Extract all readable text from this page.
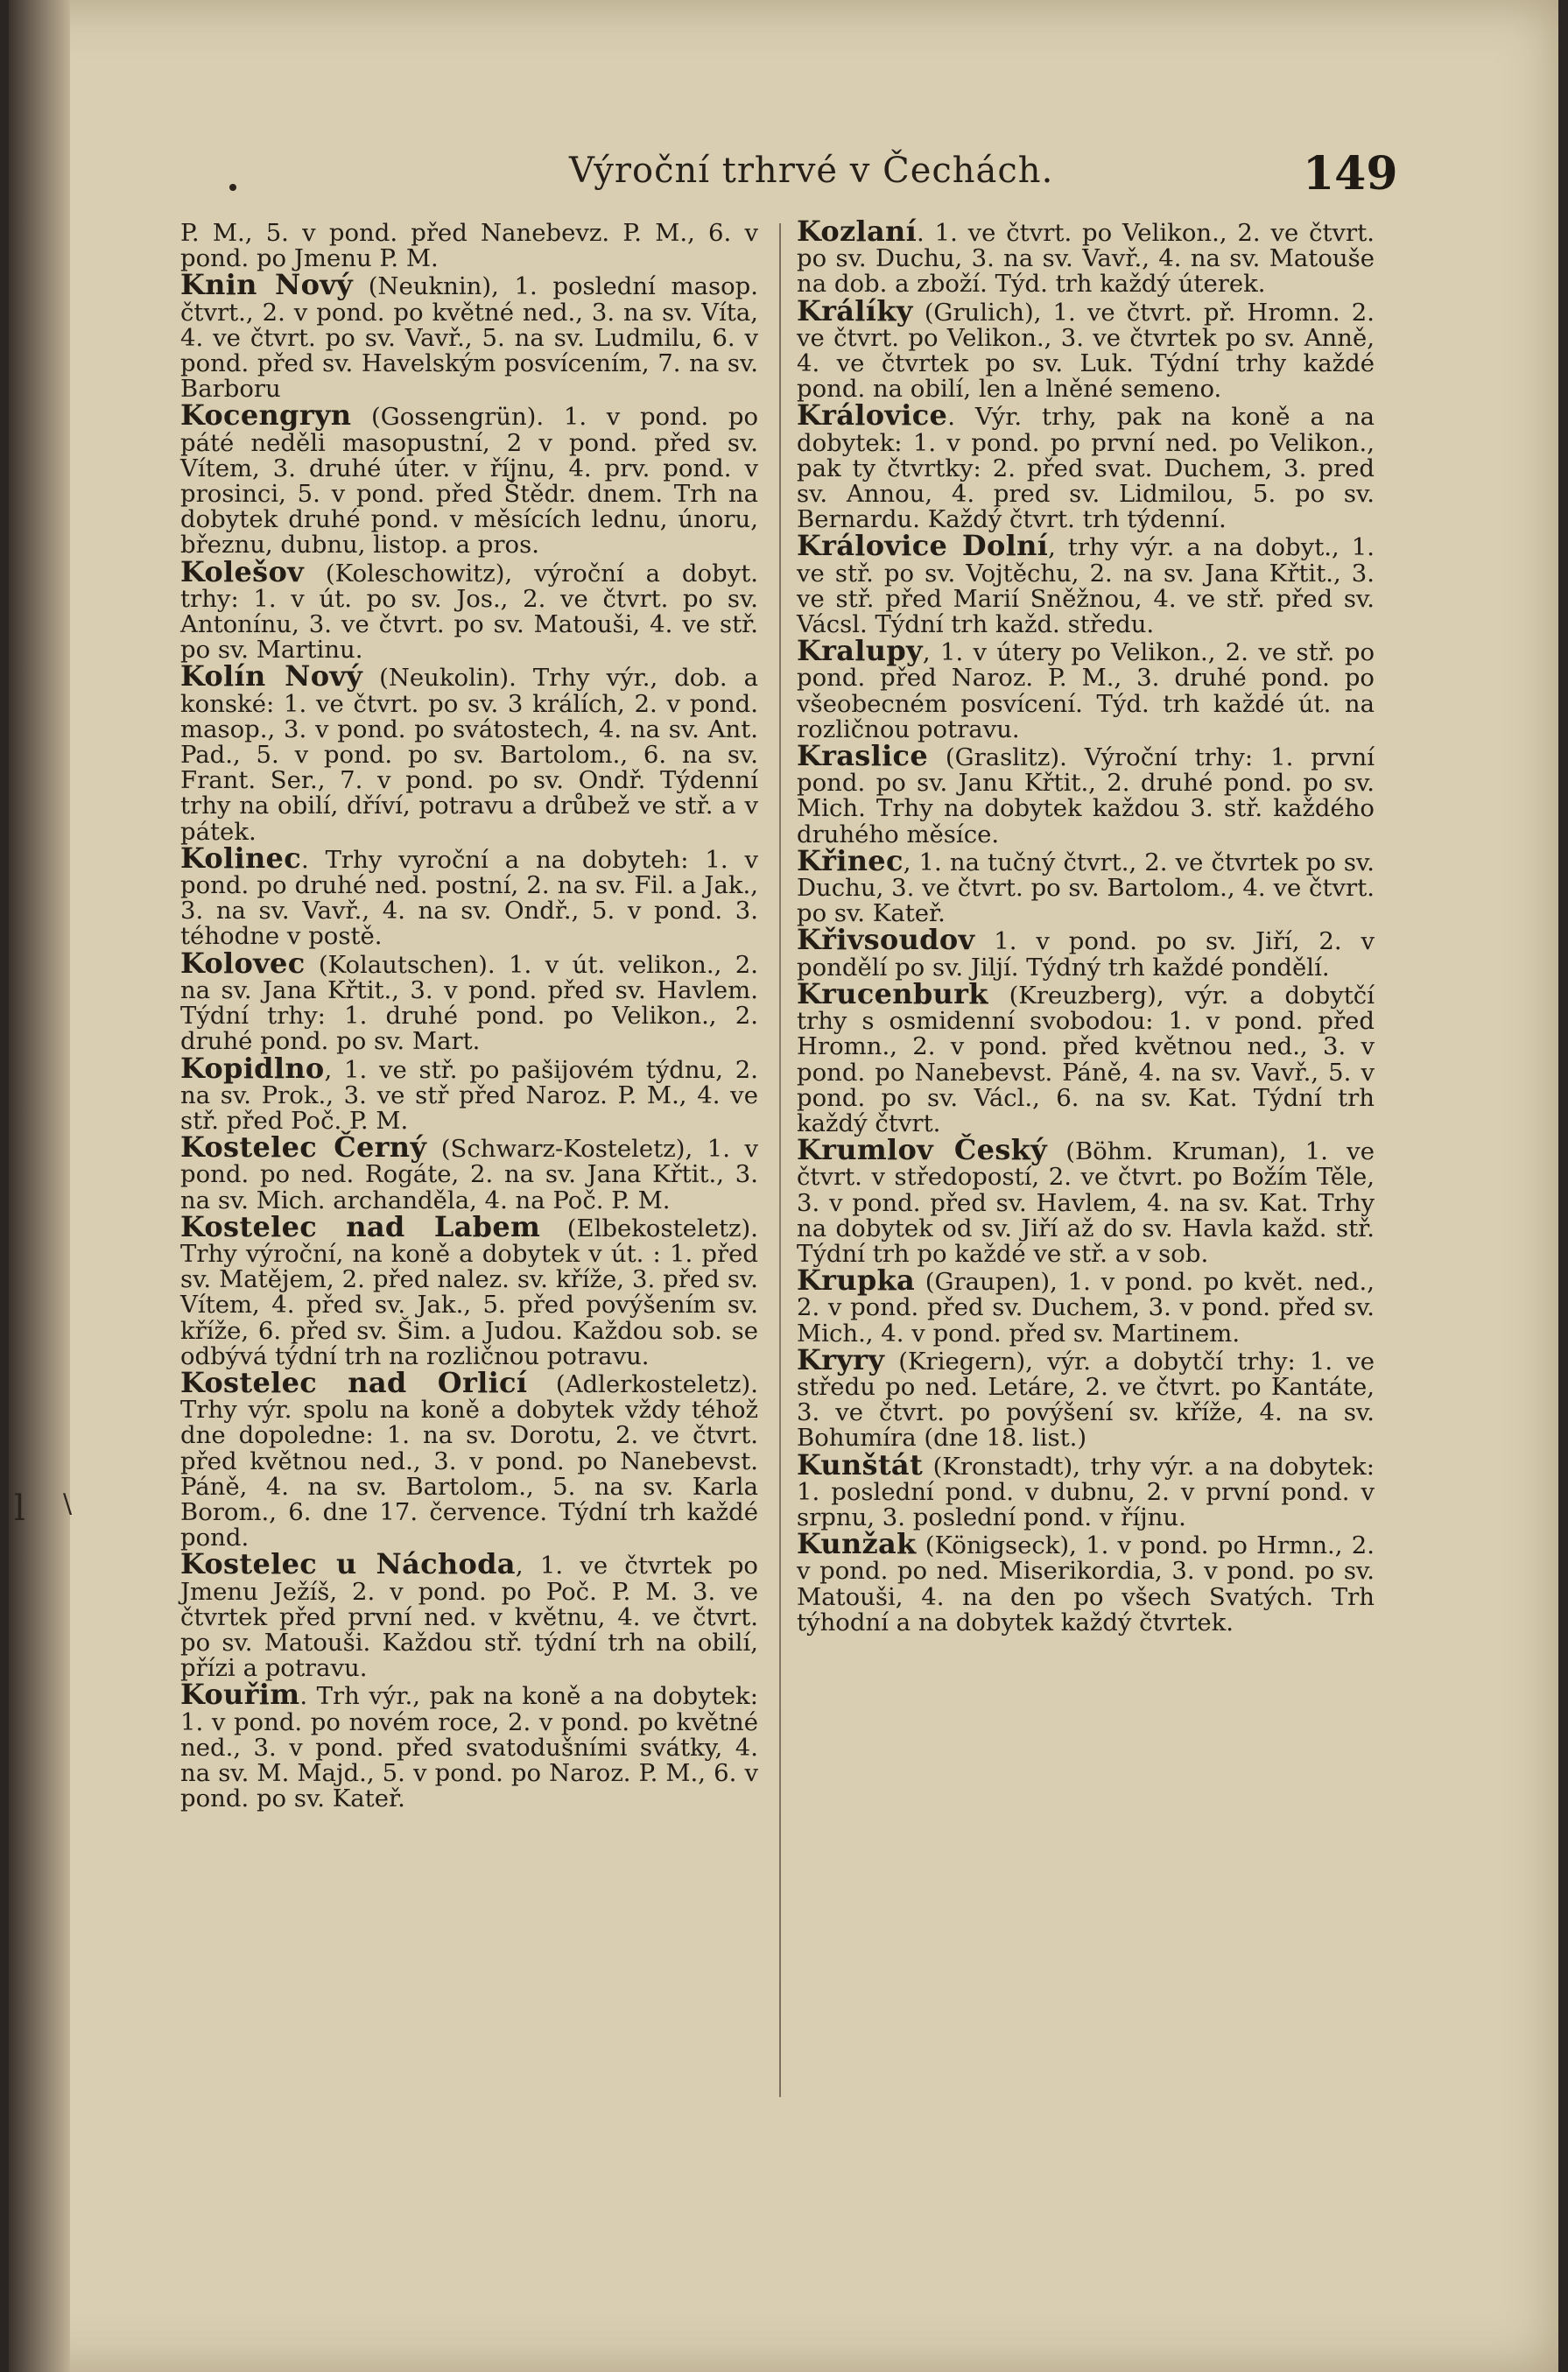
Výroční trhrvé v Čechách.	149
l \
P. M., 5. v pond. před Nanebevz. P. M., 6. v pond. po Jmenu P. M.
Knin Nový (Neuknin), 1. poslední masop. čtvrt., 2. v pond. po květné ned., 3. na sv. Víta, 4. ve čtvrt. po sv. Vavř., 5. na sv. Ludmilu, 6. v pond. před sv. Havelským posvícením, 7. na sv. Barboru
Kocengryn (Gossengrün). 1. v pond. po páté neděli masopustní, 2 v pond. před sv. Vítem, 3. druhé úter. v říjnu, 4. prv. pond. v prosinci, 5. v pond. před Štědr. dnem. Trh na dobytek druhé pond. v měsících lednu, únoru, březnu, dubnu, listop. a pros.
Kolešov (Koleschowitz), výroční a dobyt. trhy: 1. v út. po sv. Jos., 2. ve čtvrt. po sv. Antonínu, 3. ve čtvrt. po sv. Matouši, 4. ve stř. po sv. Martinu.
Kolín Nový (Neukolin). Trhy výr., dob. a konské: 1. ve čtvrt. po sv. 3 králích, 2. v pond. masop., 3. v pond. po svátostech, 4. na sv. Ant. Pad., 5. v pond. po sv. Bartolom., 6. na sv. Frant. Ser., 7. v pond. po sv. Ondř. Týdenní trhy na obilí, dříví, potravu a drůbež ve stř. a v pátek.
Kolinec. Trhy vyroční a na dobyteh: 1. v pond. po druhé ned. postní, 2. na sv. Fil. a Jak., 3. na sv. Vavř., 4. na sv. Ondř., 5. v pond. 3. téhodne v postě.
Kolovec (Kolautschen). 1. v út. velikon., 2. na sv. Jana Křtit., 3. v pond. před sv. Havlem. Týdní trhy: 1. druhé pond. po Velikon., 2. druhé pond. po sv. Mart.
Kopidlno, 1. ve stř. po pašijovém týdnu, 2. na sv. Prok., 3. ve stř před Naroz. P. M., 4. ve stř. před Poč. P. M.
Kostelec Černý (Schwarz-Kosteletz), 1. v pond. po ned. Rogáte, 2. na sv. Jana Křtit., 3. na sv. Mich. archanděla, 4. na Poč. P. M.
Kostelec nad Labem (Elbekosteletz). Trhy výroční, na koně a dobytek v út. : 1. před sv. Matějem, 2. před nalez. sv. kříže, 3. před sv. Vítem, 4. před sv. Jak., 5. před povýšením sv. kříže, 6. před sv. Šim. a Judou. Každou sob. se odbývá týdní trh na rozličnou potravu.
Kostelec nad Orlicí (Adlerkosteletz). Trhy výr. spolu na koně a dobytek vždy téhož dne dopoledne: 1. na sv. Dorotu, 2. ve čtvrt. před květnou ned., 3. v pond. po Nanebevst. Páně, 4. na sv. Bartolom., 5. na sv. Karla Borom., 6. dne 17. července. Týdní trh každé pond.
Kostelec u Náchoda, 1. ve čtvrtek po Jmenu Ježíš, 2. v pond. po Poč. P. M. 3. ve čtvrtek před první ned. v květnu, 4. ve čtvrt. po sv. Matouši. Každou stř. týdní trh na obilí, přízi a potravu.
Kouřim. Trh výr., pak na koně a na dobytek: 1. v pond. po novém roce, 2. v pond. po květné ned., 3. v pond. před svatodušními svátky, 4. na sv. M. Majd., 5. v pond. po Naroz. P. M., 6. v pond. po sv. Kateř.
Kozlaní. 1. ve čtvrt. po Velikon., 2. ve čtvrt. po sv. Duchu, 3. na sv. Vavř., 4. na sv. Matouše na dob. a zboží. Týd. trh každý úterek.
Králíky (Grulich), 1. ve čtvrt. př. Hromn. 2. ve čtvrt. po Velikon., 3. ve čtvrtek po sv. Anně, 4. ve čtvrtek po sv. Luk. Týdní trhy každé pond. na obilí, len a lněné semeno.
Královice. Výr. trhy, pak na koně a na dobytek: 1. v pond. po první ned. po Velikon., pak ty čtvrtky: 2. před svat. Duchem, 3. pred sv. Annou, 4. pred sv. Lidmilou, 5. po sv. Bernardu. Každý čtvrt. trh týdenní.
Královice Dolní, trhy výr. a na dobyt., 1. ve stř. po sv. Vojtěchu, 2. na sv. Jana Křtit., 3. ve stř. před Marií Sněžnou, 4. ve stř. před sv. Vácsl. Týdní trh každ. středu.
Kralupy, 1. v útery po Velikon., 2. ve stř. po pond. před Naroz. P. M., 3. druhé pond. po všeobecném posvícení. Týd. trh každé út. na rozličnou potravu.
Kraslice (Graslitz). Výroční trhy: 1. první pond. po sv. Janu Křtit., 2. druhé pond. po sv. Mich. Trhy na dobytek každou 3. stř. každého druhého měsíce.
Křinec, 1. na tučný čtvrt., 2. ve čtvrtek po sv. Duchu, 3. ve čtvrt. po sv. Bartolom., 4. ve čtvrt. po sv. Kateř.
Křivsoudov 1. v pond. po sv. Jiří, 2. v pondělí po sv. Jiljí. Týdný trh každé pondělí.
Krucenburk (Kreuzberg), výr. a dobytčí trhy s osmidenní svobodou: 1. v pond. před Hromn., 2. v pond. před květnou ned., 3. v pond. po Nanebevst. Páně, 4. na sv. Vavř., 5. v pond. po sv. Václ., 6. na sv. Kat. Týdní trh každý čtvrt.
Krumlov Český (Böhm. Kruman), 1. ve čtvrt. v středopostí, 2. ve čtvrt. po Božím Těle, 3. v pond. před sv. Havlem, 4. na sv. Kat. Trhy na dobytek od sv. Jiří až do sv. Havla každ. stř. Týdní trh po každé ve stř. a v sob.
Krupka (Graupen), 1. v pond. po květ. ned., 2. v pond. před sv. Duchem, 3. v pond. před sv. Mich., 4. v pond. před sv. Martinem.
Kryry (Kriegern), výr. a dobytčí trhy: 1. ve středu po ned. Letáre, 2. ve čtvrt. po Kantáte, 3. ve čtvrt. po povýšení sv. kříže, 4. na sv. Bohumíra (dne 18. list.)
Kunštát (Kronstadt), trhy výr. a na dobytek: 1. poslední pond. v dubnu, 2. v první pond. v srpnu, 3. poslední pond. v říjnu.
Kunžak (Königseck), 1. v pond. po Hrmn., 2. v pond. po ned. Miserikordia, 3. v pond. po sv. Matouši, 4. na den po všech Svatých. Trh týhodní a na dobytek každý čtvrtek.
